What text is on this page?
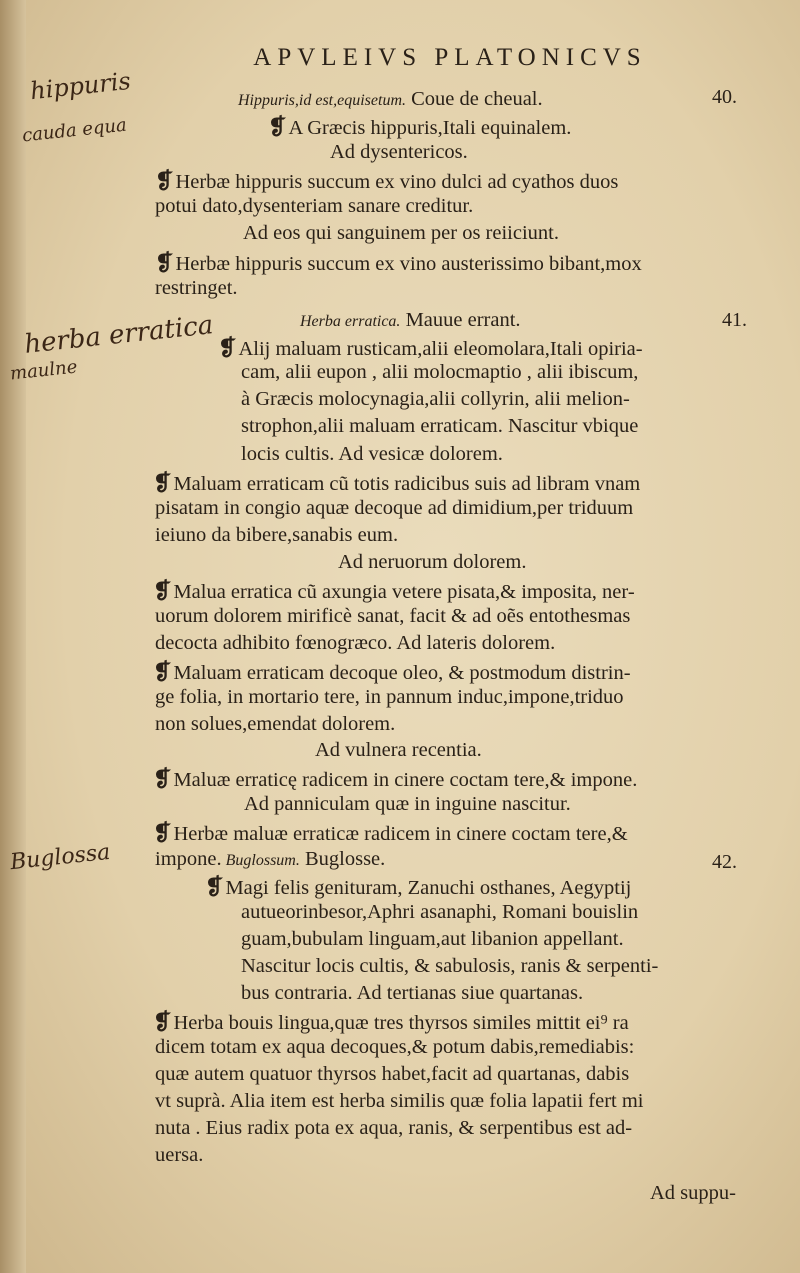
APVLEIVS PLATONICVS
hippuris
cauda equa
herba erratica
maulne
Buglossa
40.
41.
42.
Hippuris,id est,equisetum. Coue de cheual.
❡A Græcis hippuris,Itali equinalem.
Ad dysentericos.
❡Herbæ hippuris succum ex vino dulci ad cyathos duos
potui dato,dysenteriam sanare creditur.
Ad eos qui sanguinem per os reiiciunt.
❡Herbæ hippuris succum ex vino austerissimo bibant,mox
restringet.
Herba erratica. Mauue errant.
❡Alij maluam rusticam,alii eleomolara,Itali opiria-
cam, alii eupon , alii molocmaptio , alii ibiscum,
à Græcis molocynagia,alii collyrin, alii melion-
strophon,alii maluam erraticam. Nascitur vbique
locis cultis. Ad vesicæ dolorem.
❡Maluam erraticam cũ totis radicibus suis ad libram vnam
pisatam in congio aquæ decoque ad dimidium,per triduum
ieiuno da bibere,sanabis eum.
Ad neruorum dolorem.
❡Malua erratica cũ axungia vetere pisata,& imposita, ner-
uorum dolorem mirificè sanat, facit & ad oẽs entothesmas
decocta adhibito fœnogræco. Ad lateris dolorem.
❡Maluam erraticam decoque oleo, & postmodum distrin-
ge folia, in mortario tere, in pannum induc,impone,triduo
non solues,emendat dolorem.
Ad vulnera recentia.
❡Maluæ erraticę radicem in cinere coctam tere,& impone.
Ad panniculam quæ in inguine nascitur.
❡Herbæ maluæ erraticæ radicem in cinere coctam tere,&
impone. Buglossum. Buglosse.
❡Magi felis genituram, Zanuchi osthanes, Aegyptij
autueorinbesor,Aphri asanaphi, Romani bouislin
guam,bubulam linguam,aut libanion appellant.
Nascitur locis cultis, & sabulosis, ranis & serpenti-
bus contraria. Ad tertianas siue quartanas.
❡Herba bouis lingua,quæ tres thyrsos similes mittit ei⁹ ra
dicem totam ex aqua decoques,& potum dabis,remediabis:
quæ autem quatuor thyrsos habet,facit ad quartanas, dabis
vt suprà. Alia item est herba similis quæ folia lapatii fert mi
nuta . Eius radix pota ex aqua, ranis, & serpentibus est ad-
uersa.
Ad suppu-
